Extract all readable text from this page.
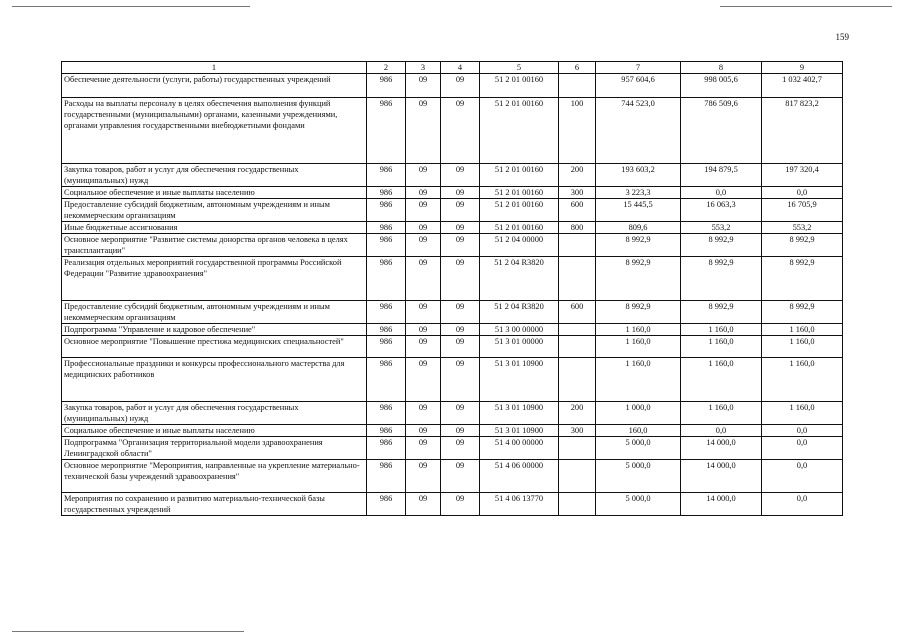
159
1	2	3	4	5	6	7	8	9
Обеспечение деятельности (услуги, работы) государственных учреждений	986	09	09	51 2 01 00160		957 604,6	998 005,6	1 032 402,7
Расходы на выплаты персоналу в целях обеспечения выполнения функций государственными (муниципальными) органами, казенными учреждениями, органами управления государственными внебюджетными фондами	986	09	09	51 2 01 00160	100	744 523,0	786 509,6	817 823,2
Закупка товаров, работ и услуг для обеспечения государственных (муниципальных) нужд	986	09	09	51 2 01 00160	200	193 603,2	194 879,5	197 320,4
Социальное обеспечение и иные выплаты населению	986	09	09	51 2 01 00160	300	3 223,3	0,0	0,0
Предоставление субсидий бюджетным, автономным учреждениям и иным некоммерческим организациям	986	09	09	51 2 01 00160	600	15 445,5	16 063,3	16 705,9
Иные бюджетные ассигнования	986	09	09	51 2 01 00160	800	809,6	553,2	553,2
Основное мероприятие "Развитие системы донорства органов человека в целях трансплантации"	986	09	09	51 2 04 00000		8 992,9	8 992,9	8 992,9
Реализация отдельных мероприятий государственной программы Российской Федерации "Развитие здравоохранения"	986	09	09	51 2 04 R3820		8 992,9	8 992,9	8 992,9
Предоставление субсидий бюджетным, автономным учреждениям и иным некоммерческим организациям	986	09	09	51 2 04 R3820	600	8 992,9	8 992,9	8 992,9
Подпрограмма "Управление и кадровое обеспечение"	986	09	09	51 3 00 00000		1 160,0	1 160,0	1 160,0
Основное мероприятие "Повышение престижа медицинских специальностей"	986	09	09	51 3 01 00000		1 160,0	1 160,0	1 160,0
Профессиональные праздники и конкурсы профессионального мастерства для медицинских работников	986	09	09	51 3 01 10900		1 160,0	1 160,0	1 160,0
Закупка товаров, работ и услуг для обеспечения государственных (муниципальных) нужд	986	09	09	51 3 01 10900	200	1 000,0	1 160,0	1 160,0
Социальное обеспечение и иные выплаты населению	986	09	09	51 3 01 10900	300	160,0	0,0	0,0
Подпрограмма "Организация территориальной модели здравоохранения Ленинградской области"	986	09	09	51 4 00 00000		5 000,0	14 000,0	0,0
Основное мероприятие "Мероприятия, направленные на укрепление материально-технической базы учреждений здравоохранения"	986	09	09	51 4 06 00000		5 000,0	14 000,0	0,0
Мероприятия по сохранению и развитию материально-технической базы государственных учреждений	986	09	09	51 4 06 13770		5 000,0	14 000,0	0,0
